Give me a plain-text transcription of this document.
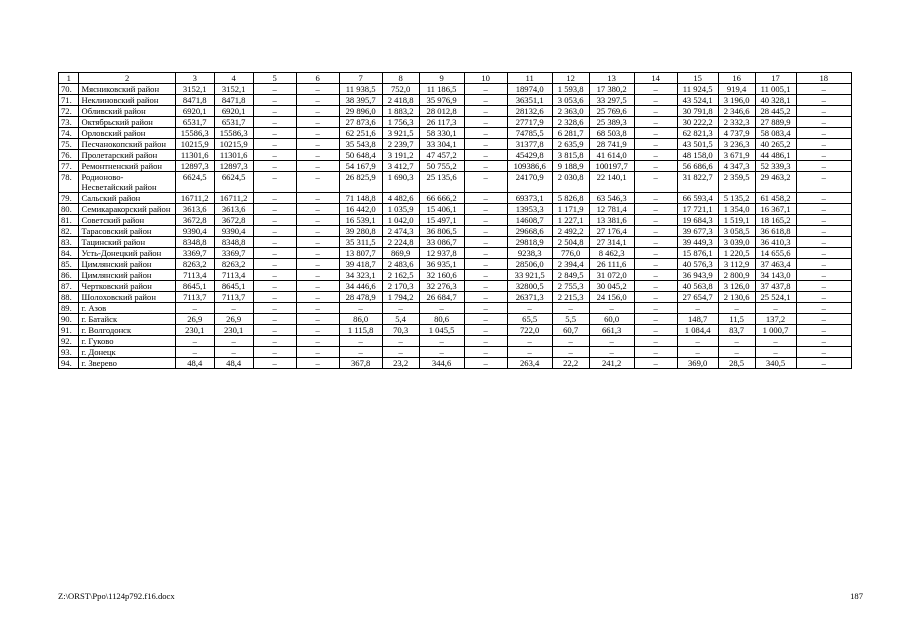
1	2	3	4	5	6	7	8	9	10	11	12	13	14	15	16	17	18
70.	Мясниковский район	3152,1	3152,1	–	–	11 938,5	752,0	11 186,5	–	18974,0	1 593,8	17 380,2	–	11 924,5	919,4	11 005,1	–
71.	Неклиновский район	8471,8	8471,8	–	–	38 395,7	2 418,8	35 976,9	–	36351,1	3 053,6	33 297,5	–	43 524,1	3 196,0	40 328,1	–
72.	Обливский район	6920,1	6920,1	–	–	29 896,0	1 883,2	28 012,8	–	28132,6	2 363,0	25 769,6	–	30 791,8	2 346,6	28 445,2	–
73.	Октябрьский район	6531,7	6531,7	–	–	27 873,6	1 756,3	26 117,3	–	27717,9	2 328,6	25 389,3	–	30 222,2	2 332,3	27 889,9	–
74.	Орловский район	15586,3	15586,3	–	–	62 251,6	3 921,5	58 330,1	–	74785,5	6 281,7	68 503,8	–	62 821,3	4 737,9	58 083,4	–
75.	Песчанокопский район	10215,9	10215,9	–	–	35 543,8	2 239,7	33 304,1	–	31377,8	2 635,9	28 741,9	–	43 501,5	3 236,3	40 265,2	–
76.	Пролетарский район	11301,6	11301,6	–	–	50 648,4	3 191,2	47 457,2	–	45429,8	3 815,8	41 614,0	–	48 158,0	3 671,9	44 486,1	–
77.	Ремонтненский район	12897,3	12897,3	–	–	54 167,9	3 412,7	50 755,2	–	109386,6	9 188,9	100197,7	–	56 686,6	4 347,3	52 339,3	–
78.	Родионово-Несветайский район	6624,5	6624,5	–	–	26 825,9	1 690,3	25 135,6	–	24170,9	2 030,8	22 140,1	–	31 822,7	2 359,5	29 463,2	–
79.	Сальский район	16711,2	16711,2	–	–	71 148,8	4 482,6	66 666,2	–	69373,1	5 826,8	63 546,3	–	66 593,4	5 135,2	61 458,2	–
80.	Семикаракорский район	3613,6	3613,6	–	–	16 442,0	1 035,9	15 406,1	–	13953,3	1 171,9	12 781,4	–	17 721,1	1 354,0	16 367,1	–
81.	Советский район	3672,8	3672,8	–	–	16 539,1	1 042,0	15 497,1	–	14608,7	1 227,1	13 381,6	–	19 684,3	1 519,1	18 165,2	–
82.	Тарасовский район	9390,4	9390,4	–	–	39 280,8	2 474,3	36 806,5	–	29668,6	2 492,2	27 176,4	–	39 677,3	3 058,5	36 618,8	–
83.	Тацинский район	8348,8	8348,8	–	–	35 311,5	2 224,8	33 086,7	–	29818,9	2 504,8	27 314,1	–	39 449,3	3 039,0	36 410,3	–
84.	Усть-Донецкий район	3369,7	3369,7	–	–	13 807,7	869,9	12 937,8	–	9238,3	776,0	8 462,3	–	15 876,1	1 220,5	14 655,6	–
85.	Цимлянский район	8263,2	8263,2	–	–	39 418,7	2 483,6	36 935,1	–	28506,0	2 394,4	26 111,6	–	40 576,3	3 112,9	37 463,4	–
86.	Цимлянский район	7113,4	7113,4	–	–	34 323,1	2 162,5	32 160,6	–	33 921,5	2 849,5	31 072,0	–	36 943,9	2 800,9	34 143,0	–
87.	Чертковский район	8645,1	8645,1	–	–	34 446,6	2 170,3	32 276,3	–	32800,5	2 755,3	30 045,2	–	40 563,8	3 126,0	37 437,8	–
88.	Шолоховский район	7113,7	7113,7	–	–	28 478,9	1 794,2	26 684,7	–	26371,3	2 215,3	24 156,0	–	27 654,7	2 130,6	25 524,1	–
89.	г. Азов	–	–	–	–	–	–	–	–	–	–	–	–	–	–	–	–
90.	г. Батайск	26,9	26,9	–	–	86,0	5,4	80,6	–	65,5	5,5	60,0	–	148,7	11,5	137,2	–
91.	г. Волгодонск	230,1	230,1	–	–	1 115,8	70,3	1 045,5	–	722,0	60,7	661,3	–	1 084,4	83,7	1 000,7	–
92.	г. Гуково	–	–	–	–	–	–	–	–	–	–	–	–	–	–	–	–
93.	г. Донецк	–	–	–	–	–	–	–	–	–	–	–	–	–	–	–	–
94.	г. Зверево	48,4	48,4	–	–	367,8	23,2	344,6	–	263,4	22,2	241,2	–	369,0	28,5	340,5	–
Z:\ORST\Ppo\1124p792.f16.docx	187
